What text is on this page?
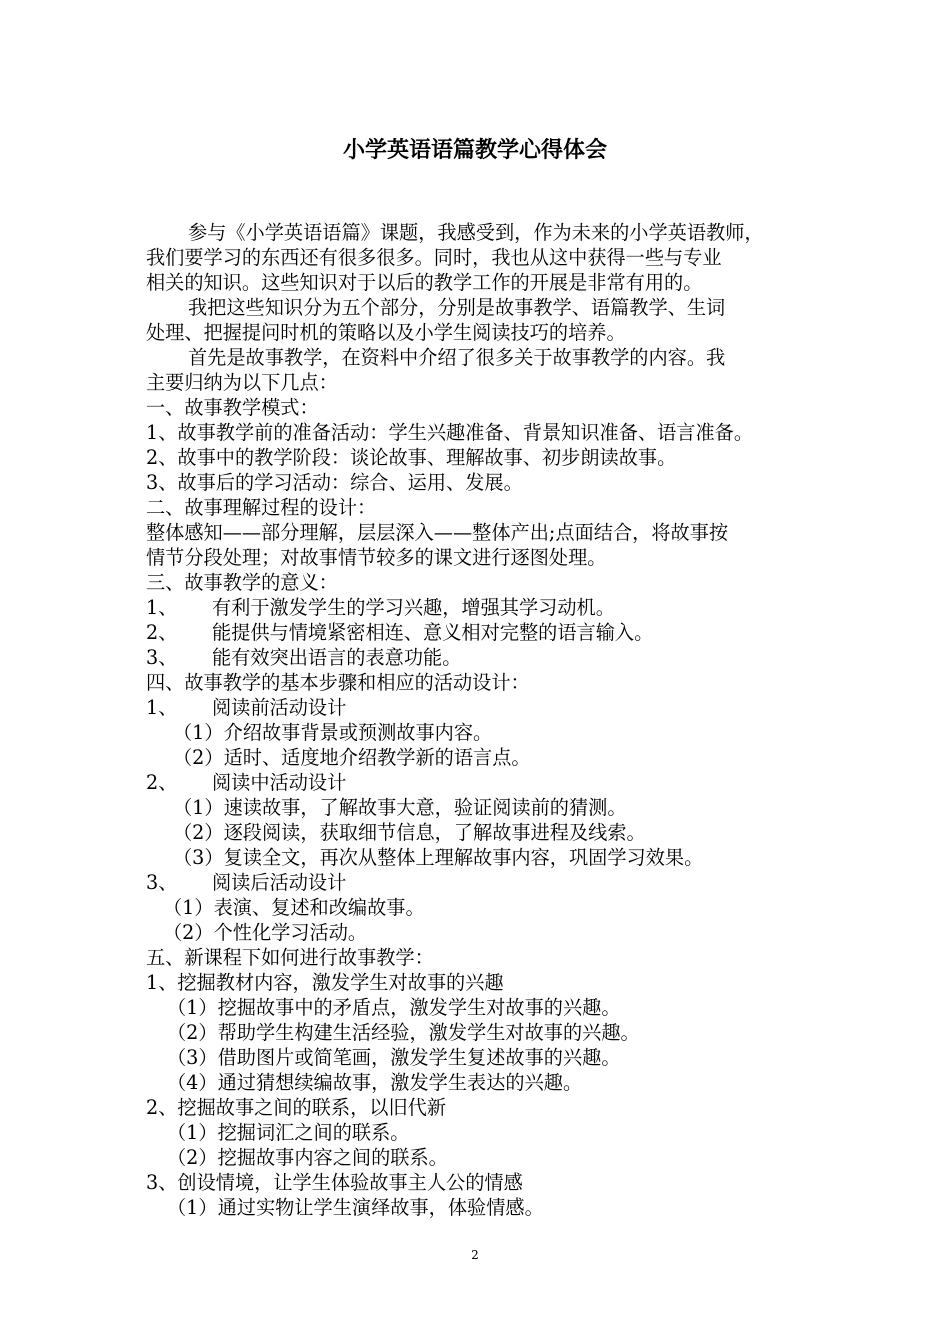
小学英语语篇教学心得体会
参与《小学英语语篇》课题，我感受到，作为未来的小学英语教师，
我们要学习的东西还有很多很多。同时，我也从这中获得一些与专业
相关的知识。这些知识对于以后的教学工作的开展是非常有用的。
我把这些知识分为五个部分，分别是故事教学、语篇教学、生词
处理、把握提问时机的策略以及小学生阅读技巧的培养。
首先是故事教学，在资料中介绍了很多关于故事教学的内容。我
主要归纳为以下几点：
一、故事教学模式：
1、故事教学前的准备活动：学生兴趣准备、背景知识准备、语言准备。
2、故事中的教学阶段：谈论故事、理解故事、初步朗读故事。
3、故事后的学习活动：综合、运用、发展。
二、故事理解过程的设计：
整体感知——部分理解，层层深入——整体产出;点面结合，将故事按
情节分段处理；对故事情节较多的课文进行逐图处理。
三、故事教学的意义：
1、 有利于激发学生的学习兴趣，增强其学习动机。
2、 能提供与情境紧密相连、意义相对完整的语言输入。
3、 能有效突出语言的表意功能。
四、故事教学的基本步骤和相应的活动设计：
1、 阅读前活动设计
（1）介绍故事背景或预测故事内容。
（2）适时、适度地介绍教学新的语言点。
2、 阅读中活动设计
（1）速读故事，了解故事大意，验证阅读前的猜测。
（2）逐段阅读，获取细节信息，了解故事进程及线索。
（3）复读全文，再次从整体上理解故事内容，巩固学习效果。
3、 阅读后活动设计
（1）表演、复述和改编故事。
（2）个性化学习活动。
五、新课程下如何进行故事教学：
1、挖掘教材内容，激发学生对故事的兴趣
（1）挖掘故事中的矛盾点，激发学生对故事的兴趣。
（2）帮助学生构建生活经验，激发学生对故事的兴趣。
（3）借助图片或简笔画，激发学生复述故事的兴趣。
（4）通过猜想续编故事，激发学生表达的兴趣。
2、挖掘故事之间的联系，以旧代新
（1）挖掘词汇之间的联系。
（2）挖掘故事内容之间的联系。
3、创设情境，让学生体验故事主人公的情感
（1）通过实物让学生演绎故事，体验情感。
2
